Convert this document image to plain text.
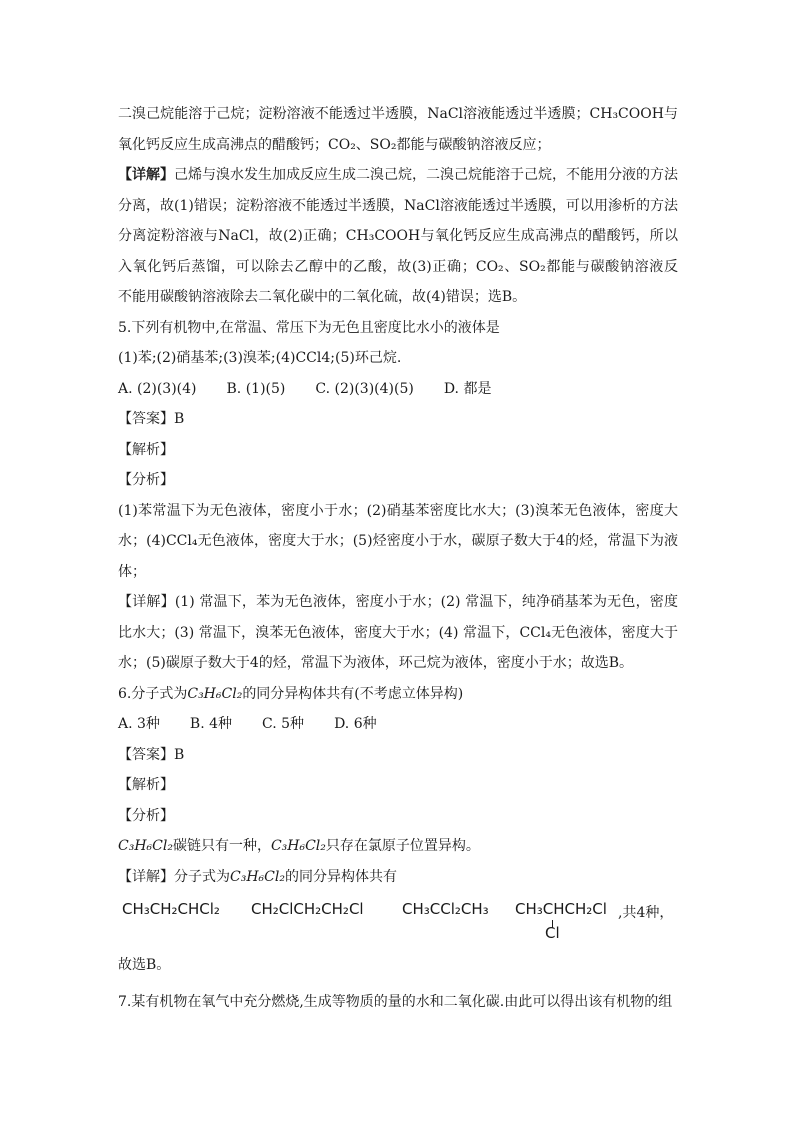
二溴己烷能溶于己烷；淀粉溶液不能透过半透膜，NaCl溶液能透过半透膜；CH₃COOH与
氧化钙反应生成高沸点的醋酸钙；CO₂、SO₂都能与碳酸钠溶液反应；
【详解】己烯与溴水发生加成反应生成二溴己烷，二溴己烷能溶于己烷，不能用分液的方法
分离，故(1)错误；淀粉溶液不能透过半透膜，NaCl溶液能透过半透膜，可以用渗析的方法
分离淀粉溶液与NaCl，故(2)正确；CH₃COOH与氧化钙反应生成高沸点的醋酸钙，所以
入氧化钙后蒸馏，可以除去乙醇中的乙酸，故(3)正确；CO₂、SO₂都能与碳酸钠溶液反
不能用碳酸钠溶液除去二氧化碳中的二氧化硫，故(4)错误；选B。
5.下列有机物中,在常温、常压下为无色且密度比水小的液体是
(1)苯;(2)硝基苯;(3)溴苯;(4)CCl4;(5)环己烷.
A. (2)(3)(4) B. (1)(5) C. (2)(3)(4)(5) D. 都是
【答案】B
【解析】
【分析】
(1)苯常温下为无色液体，密度小于水；(2)硝基苯密度比水大；(3)溴苯无色液体，密度大
水；(4)CCl₄无色液体，密度大于水；(5)烃密度小于水，碳原子数大于4的烃，常温下为液
体；
【详解】(1) 常温下，苯为无色液体，密度小于水；(2) 常温下，纯净硝基苯为无色，密度
比水大；(3) 常温下，溴苯无色液体，密度大于水；(4) 常温下，CCl₄无色液体，密度大于
水；(5)碳原子数大于4的烃，常温下为液体，环己烷为液体，密度小于水；故选B。
6.分子式为C₃H₆Cl₂的同分异构体共有(不考虑立体异构)
A. 3种 B. 4种 C. 5种 D. 6种
【答案】B
【解析】
【分析】
C₃H₆Cl₂碳链只有一种，C₃H₆Cl₂只存在氯原子位置异构。
【详解】分子式为C₃H₆Cl₂的同分异构体共有
CH₃CH₂CHCl₂ CH₂ClCH₂CH₂Cl	CH₃CCl₂CH₃ CH₃CHCH₂Cl
Cl
,共4种，
故选B。
7.某有机物在氧气中充分燃烧,生成等物质的量的水和二氧化碳.由此可以得出该有机物的组
